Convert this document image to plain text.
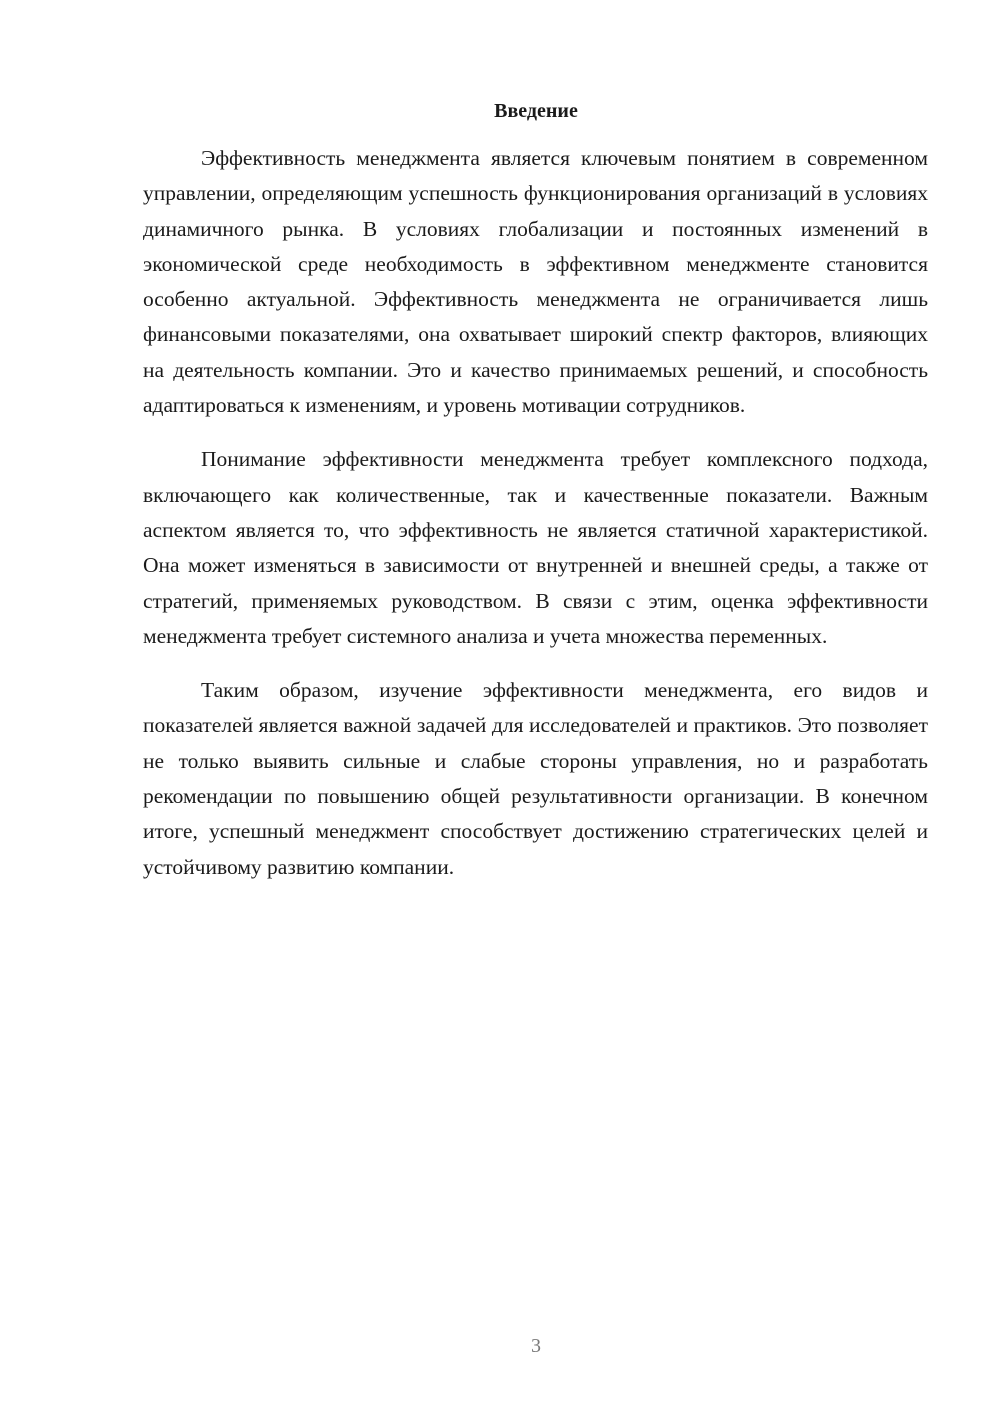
Введение

Эффективность менеджмента является ключевым понятием в современном управлении, определяющим успешность функционирования организаций в условиях динамичного рынка. В условиях глобализации и постоянных изменений в экономической среде необходимость в эффективном менеджменте становится особенно актуальной. Эффективность менеджмента не ограничивается лишь финансовыми показателями, она охватывает широкий спектр факторов, влияющих на деятельность компании. Это и качество принимаемых решений, и способность адаптироваться к изменениям, и уровень мотивации сотрудников.

Понимание эффективности менеджмента требует комплексного подхода, включающего как количественные, так и качественные показатели. Важным аспектом является то, что эффективность не является статичной характеристикой. Она может изменяться в зависимости от внутренней и внешней среды, а также от стратегий, применяемых руководством. В связи с этим, оценка эффективности менеджмента требует системного анализа и учета множества переменных.

Таким образом, изучение эффективности менеджмента, его видов и показателей является важной задачей для исследователей и практиков. Это позволяет не только выявить сильные и слабые стороны управления, но и разработать рекомендации по повышению общей результативности организации. В конечном итоге, успешный менеджмент способствует достижению стратегических целей и устойчивому развитию компании.

3
